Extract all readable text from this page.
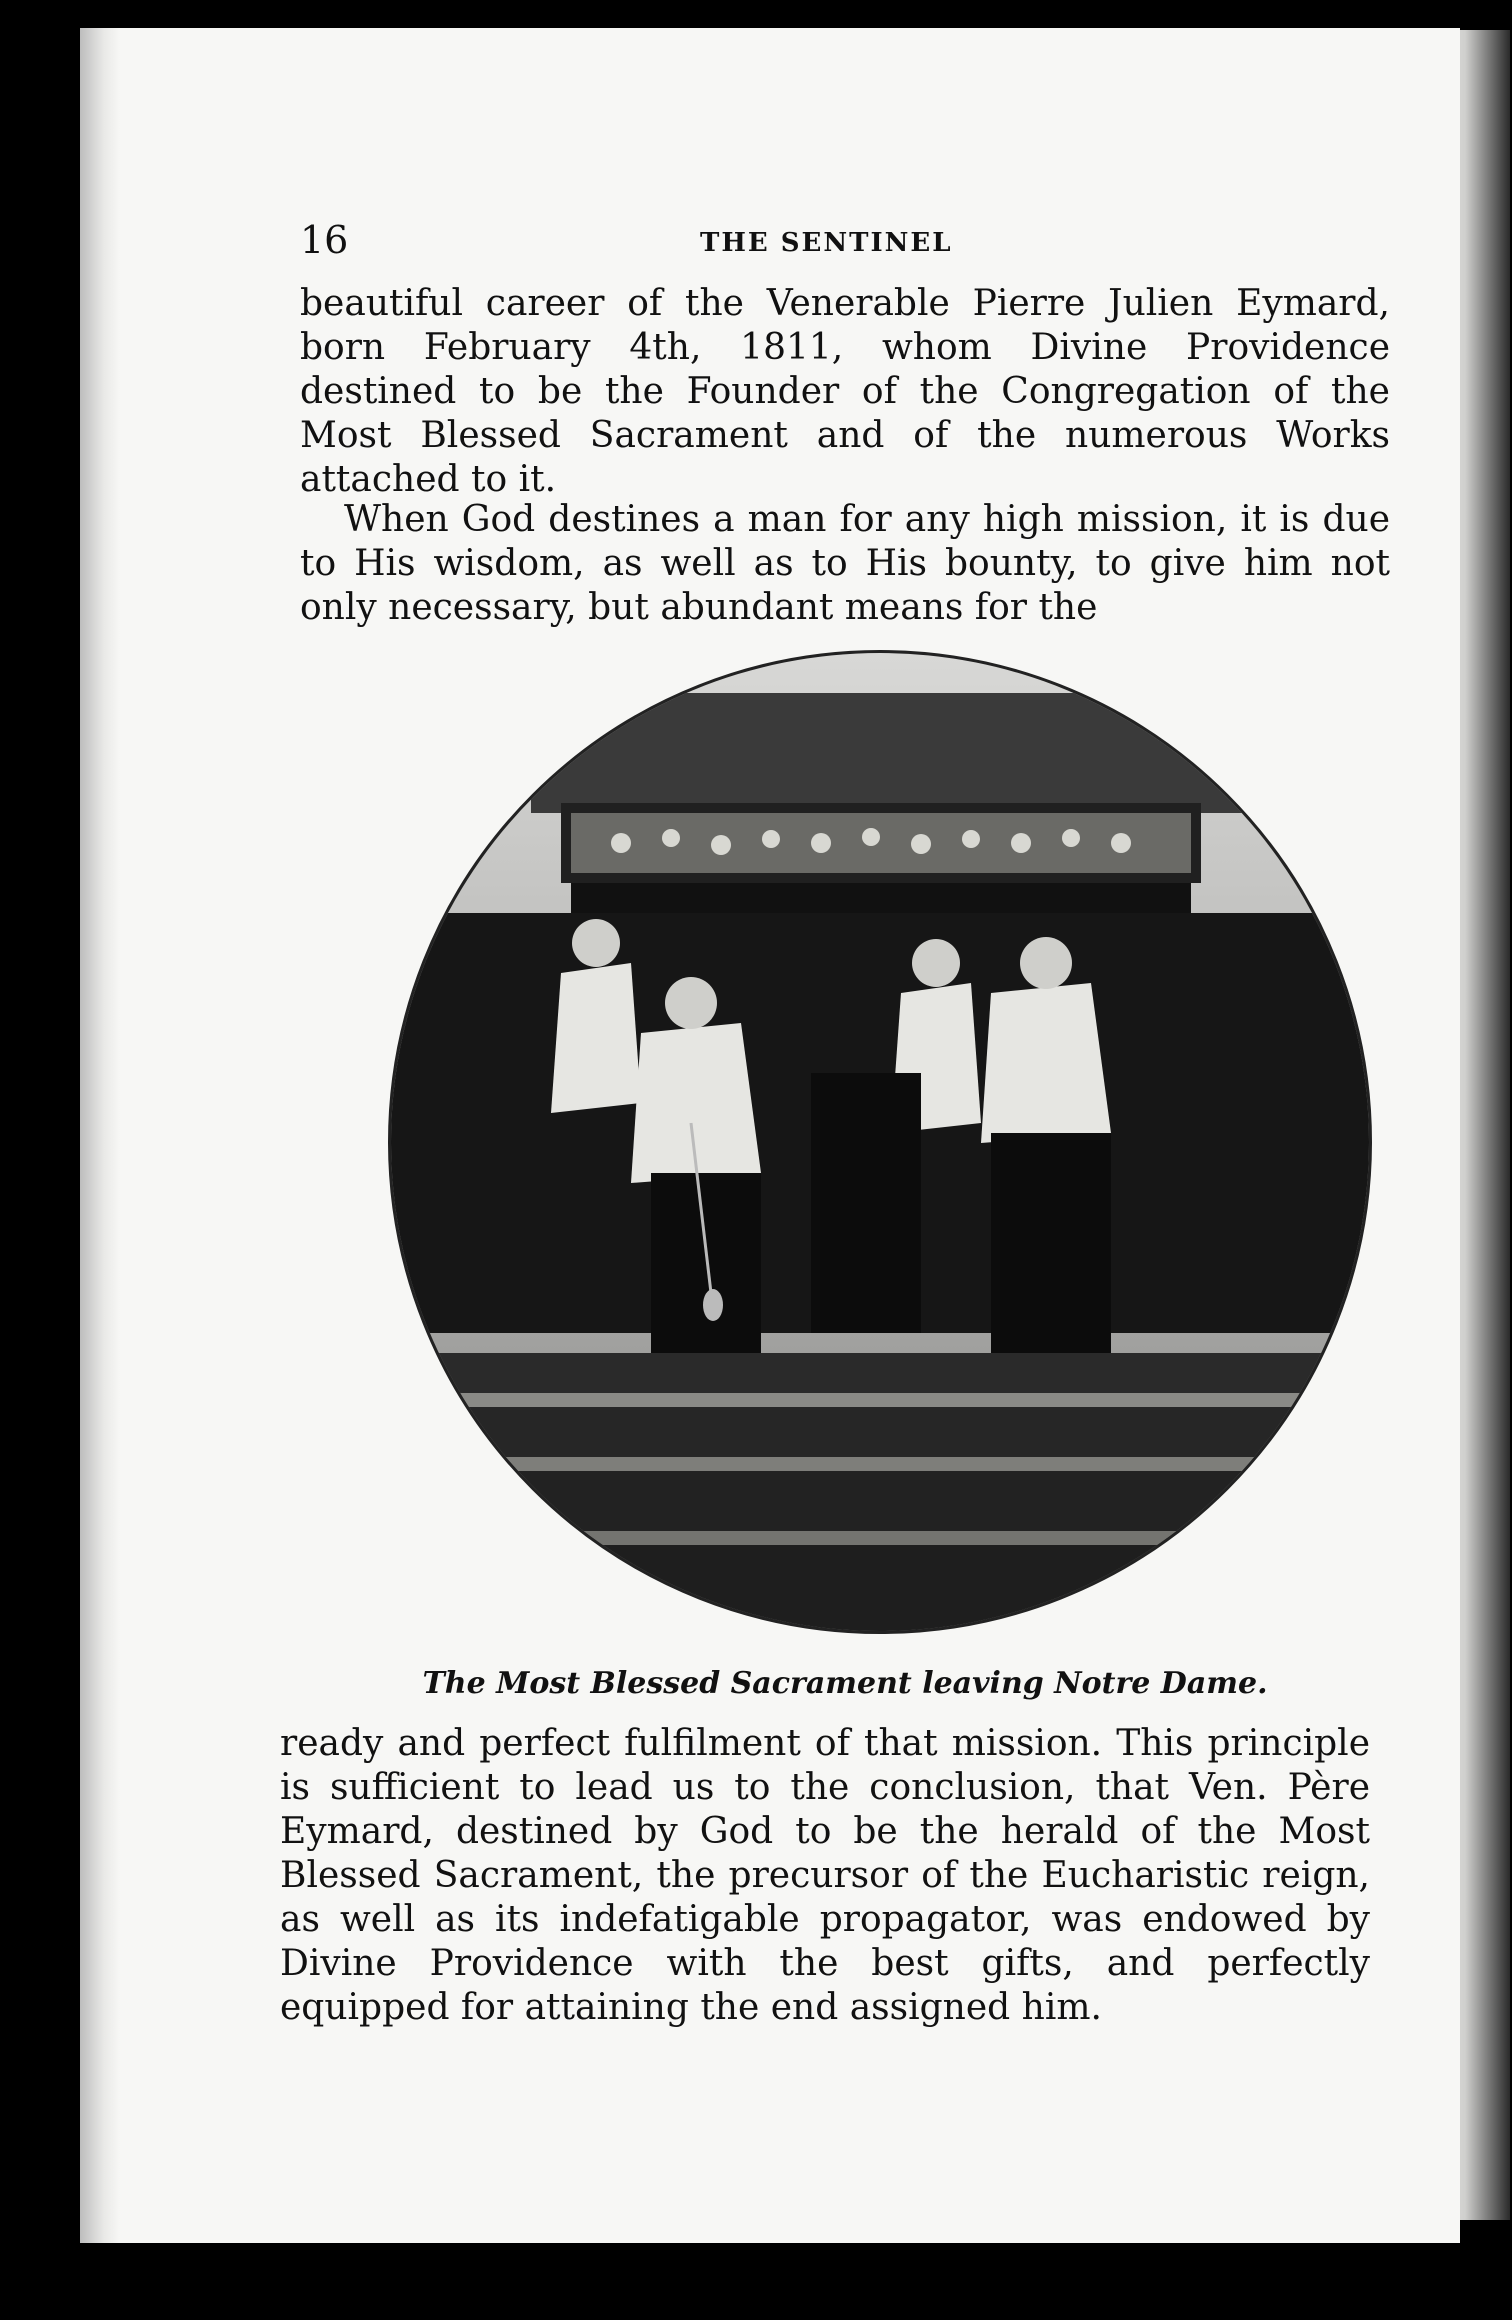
16	THE SENTINEL

beautiful career of the Venerable Pierre Julien Eymard, born February 4th, 1811, whom Divine Providence destined to be the Founder of the Congregation of the Most Blessed Sacrament and of the numerous Works attached to it.

When God destines a man for any high mission, it is due to His wisdom, as well as to His bounty, to give him not only necessary, but abundant means for the

The Most Blessed Sacrament leaving Notre Dame.

ready and perfect fulfilment of that mission. This principle is sufficient to lead us to the conclusion, that Ven. Père Eymard, destined by God to be the herald of the Most Blessed Sacrament, the precursor of the Eucharistic reign, as well as its indefatigable propagator, was endowed by Divine Providence with the best gifts, and perfectly equipped for attaining the end assigned him.
